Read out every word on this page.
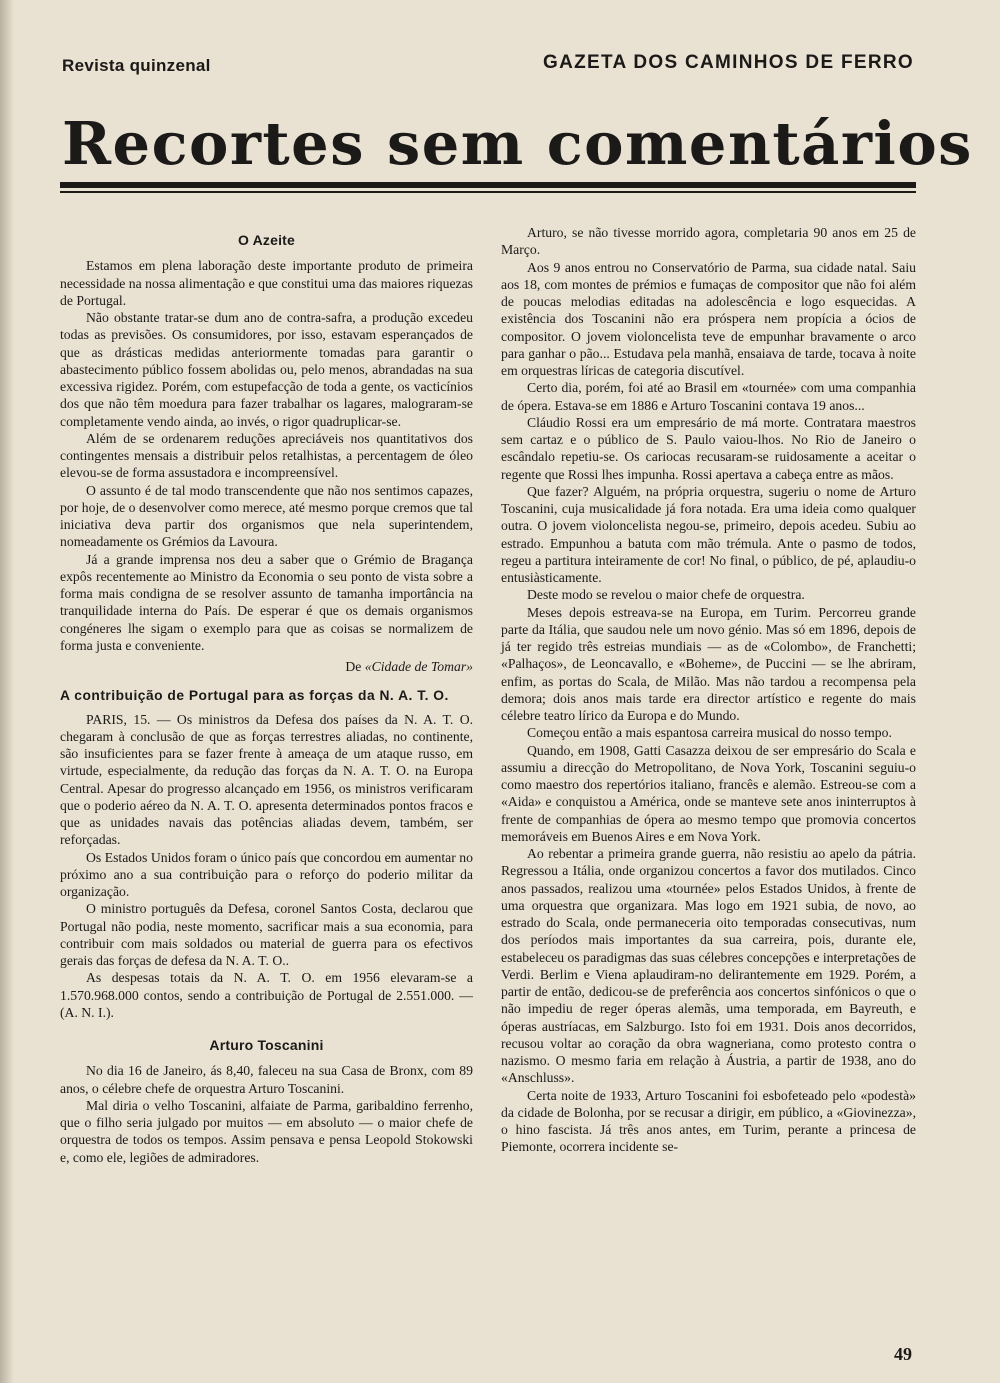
Revista quinzenal	GAZETA DOS CAMINHOS DE FERRO
Recortes sem comentários
O Azeite

Estamos em plena laboração deste importante produto de primeira necessidade na nossa alimentação e que constitui uma das maiores riquezas de Portugal.

Não obstante tratar-se dum ano de contra-safra, a produção excedeu todas as previsões. Os consumidores, por isso, estavam esperançados de que as drásticas medidas anteriormente tomadas para garantir o abastecimento público fossem abolidas ou, pelo menos, abrandadas na sua excessiva rigidez. Porém, com estupefacção de toda a gente, os vacticínios dos que não têm moedura para fazer trabalhar os lagares, malograram-se completamente vendo ainda, ao invés, o rigor quadruplicar-se.

Além de se ordenarem reduções apreciáveis nos quantitativos dos contingentes mensais a distribuir pelos retalhistas, a percentagem de óleo elevou-se de forma assustadora e incompreensível.

O assunto é de tal modo transcendente que não nos sentimos capazes, por hoje, de o desenvolver como merece, até mesmo porque cremos que tal iniciativa deva partir dos organismos que nela superintendem, nomeadamente os Grémios da Lavoura.

Já a grande imprensa nos deu a saber que o Grémio de Bragança expôs recentemente ao Ministro da Economia o seu ponto de vista sobre a forma mais condigna de se resolver assunto de tamanha importância na tranquilidade interna do País. De esperar é que os demais organismos congéneres lhe sigam o exemplo para que as coisas se normalizem de forma justa e conveniente.

De «Cidade de Tomar»

A contribuição de Portugal para as forças da N. A. T. O.

PARIS, 15. — Os ministros da Defesa dos países da N. A. T. O. chegaram à conclusão de que as forças terrestres aliadas, no continente, são insuficientes para se fazer frente à ameaça de um ataque russo, em virtude, especialmente, da redução das forças da N. A. T. O. na Europa Central. Apesar do progresso alcançado em 1956, os ministros verificaram que o poderio aéreo da N. A. T. O. apresenta determinados pontos fracos e que as unidades navais das potências aliadas devem, também, ser reforçadas.

Os Estados Unidos foram o único país que concordou em aumentar no próximo ano a sua contribuição para o reforço do poderio militar da organização.

O ministro português da Defesa, coronel Santos Costa, declarou que Portugal não podia, neste momento, sacrificar mais a sua economia, para contribuir com mais soldados ou material de guerra para os efectivos gerais das forças de defesa da N. A. T. O..

As despesas totais da N. A. T. O. em 1956 elevaram-se a 1.570.968.000 contos, sendo a contribuição de Portugal de 2.551.000. — (A. N. I.).

Arturo Toscanini

No dia 16 de Janeiro, ás 8,40, faleceu na sua Casa de Bronx, com 89 anos, o célebre chefe de orquestra Arturo Toscanini.

Mal diria o velho Toscanini, alfaiate de Parma, garibaldino ferrenho, que o filho seria julgado por muitos — em absoluto — o maior chefe de orquestra de todos os tempos. Assim pensava e pensa Leopold Stokowski e, como ele, legiões de admiradores.

Arturo, se não tivesse morrido agora, completaria 90 anos em 25 de Março.

Aos 9 anos entrou no Conservatório de Parma, sua cidade natal. Saiu aos 18, com montes de prémios e fumaças de compositor que não foi além de poucas melodias editadas na adolescência e logo esquecidas. A existência dos Toscanini não era próspera nem propícia a ócios de compositor. O jovem violoncelista teve de empunhar bravamente o arco para ganhar o pão... Estudava pela manhã, ensaiava de tarde, tocava à noite em orquestras líricas de categoria discutível.

Certo dia, porém, foi até ao Brasil em «tournée» com uma companhia de ópera. Estava-se em 1886 e Arturo Toscanini contava 19 anos...

Cláudio Rossi era um empresário de má morte. Contratara maestros sem cartaz e o público de S. Paulo vaiou-lhos. No Rio de Janeiro o escândalo repetiu-se. Os cariocas recusaram-se ruidosamente a aceitar o regente que Rossi lhes impunha. Rossi apertava a cabeça entre as mãos.

Que fazer? Alguém, na própria orquestra, sugeriu o nome de Arturo Toscanini, cuja musicalidade já fora notada. Era uma ideia como qualquer outra. O jovem violoncelista negou-se, primeiro, depois acedeu. Subiu ao estrado. Empunhou a batuta com mão trémula. Ante o pasmo de todos, regeu a partitura inteiramente de cor! No final, o público, de pé, aplaudiu-o entusiàsticamente.

Deste modo se revelou o maior chefe de orquestra.

Meses depois estreava-se na Europa, em Turim. Percorreu grande parte da Itália, que saudou nele um novo génio. Mas só em 1896, depois de já ter regido três estreias mundiais — as de «Colombo», de Franchetti; «Palhaços», de Leoncavallo, e «Boheme», de Puccini — se lhe abriram, enfim, as portas do Scala, de Milão. Mas não tardou a recompensa pela demora; dois anos mais tarde era director artístico e regente do mais célebre teatro lírico da Europa e do Mundo.

Começou então a mais espantosa carreira musical do nosso tempo.

Quando, em 1908, Gatti Casazza deixou de ser empresário do Scala e assumiu a direcção do Metropolitano, de Nova York, Toscanini seguiu-o como maestro dos repertórios italiano, francês e alemão. Estreou-se com a «Aida» e conquistou a América, onde se manteve sete anos ininterruptos à frente de companhias de ópera ao mesmo tempo que promovia concertos memoráveis em Buenos Aires e em Nova York.

Ao rebentar a primeira grande guerra, não resistiu ao apelo da pátria. Regressou a Itália, onde organizou concertos a favor dos mutilados. Cinco anos passados, realizou uma «tournée» pelos Estados Unidos, à frente de uma orquestra que organizara. Mas logo em 1921 subia, de novo, ao estrado do Scala, onde permaneceria oito temporadas consecutivas, num dos períodos mais importantes da sua carreira, pois, durante ele, estabeleceu os paradigmas das suas célebres concepções e interpretações de Verdi. Berlim e Viena aplaudiram-no delirantemente em 1929. Porém, a partir de então, dedicou-se de preferência aos concertos sinfónicos o que o não impediu de reger óperas alemãs, uma temporada, em Bayreuth, e óperas austríacas, em Salzburgo. Isto foi em 1931. Dois anos decorridos, recusou voltar ao coração da obra wagneriana, como protesto contra o nazismo. O mesmo faria em relação à Áustria, a partir de 1938, ano do «Anschluss».

Certa noite de 1933, Arturo Toscanini foi esbofeteado pelo «podestà» da cidade de Bolonha, por se recusar a dirigir, em público, a «Giovinezza», o hino fascista. Já três anos antes, em Turim, perante a princesa de Piemonte, ocorrera incidente se-

49
